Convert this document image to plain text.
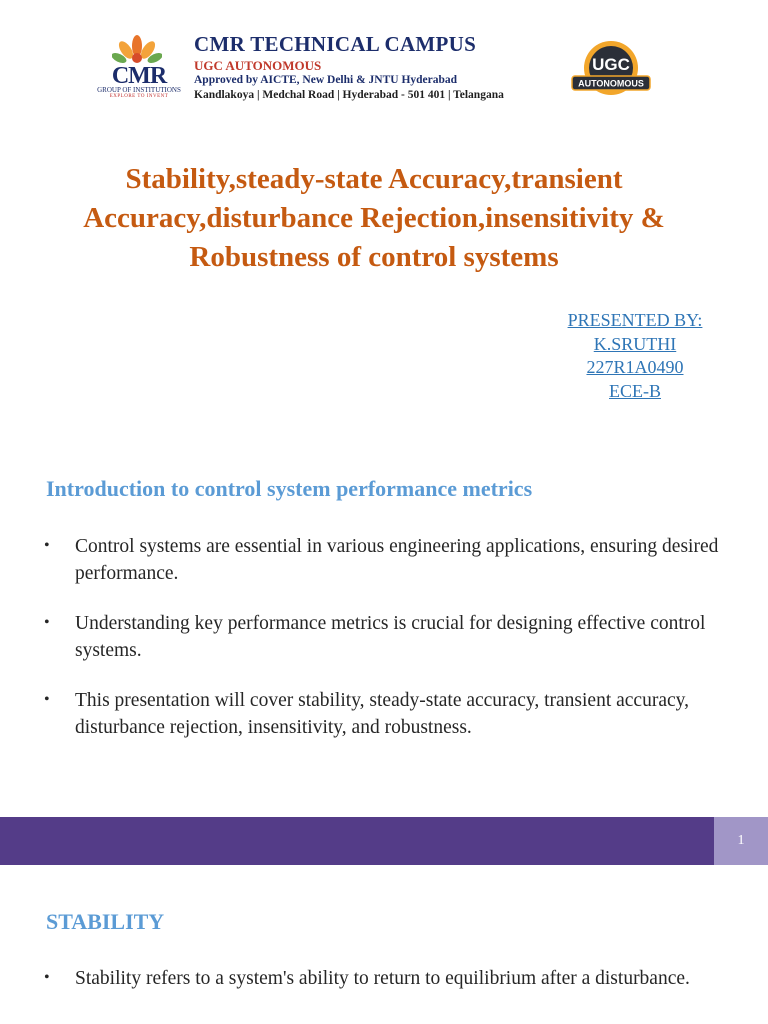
CMR
GROUP OF INSTITUTIONS
EXPLORE TO INVENT
CMR TECHNICAL CAMPUS
UGC AUTONOMOUS
Approved by AICTE, New Delhi & JNTU Hyderabad
Kandlakoya | Medchal Road | Hyderabad - 501 401 | Telangana
UGC
AUTONOMOUS
Stability,steady-state Accuracy,transient Accuracy,disturbance Rejection,insensitivity & Robustness of control systems
PRESENTED BY:
K.SRUTHI
227R1A0490
ECE-B
Introduction to control system performance metrics
• Control systems are essential in various engineering applications, ensuring desired performance.
• Understanding key performance metrics is crucial for designing effective control systems.
• This presentation will cover stability, steady-state accuracy, transient accuracy, disturbance rejection, insensitivity, and robustness.
1
STABILITY
• Stability refers to a system's ability to return to equilibrium after a disturbance.
